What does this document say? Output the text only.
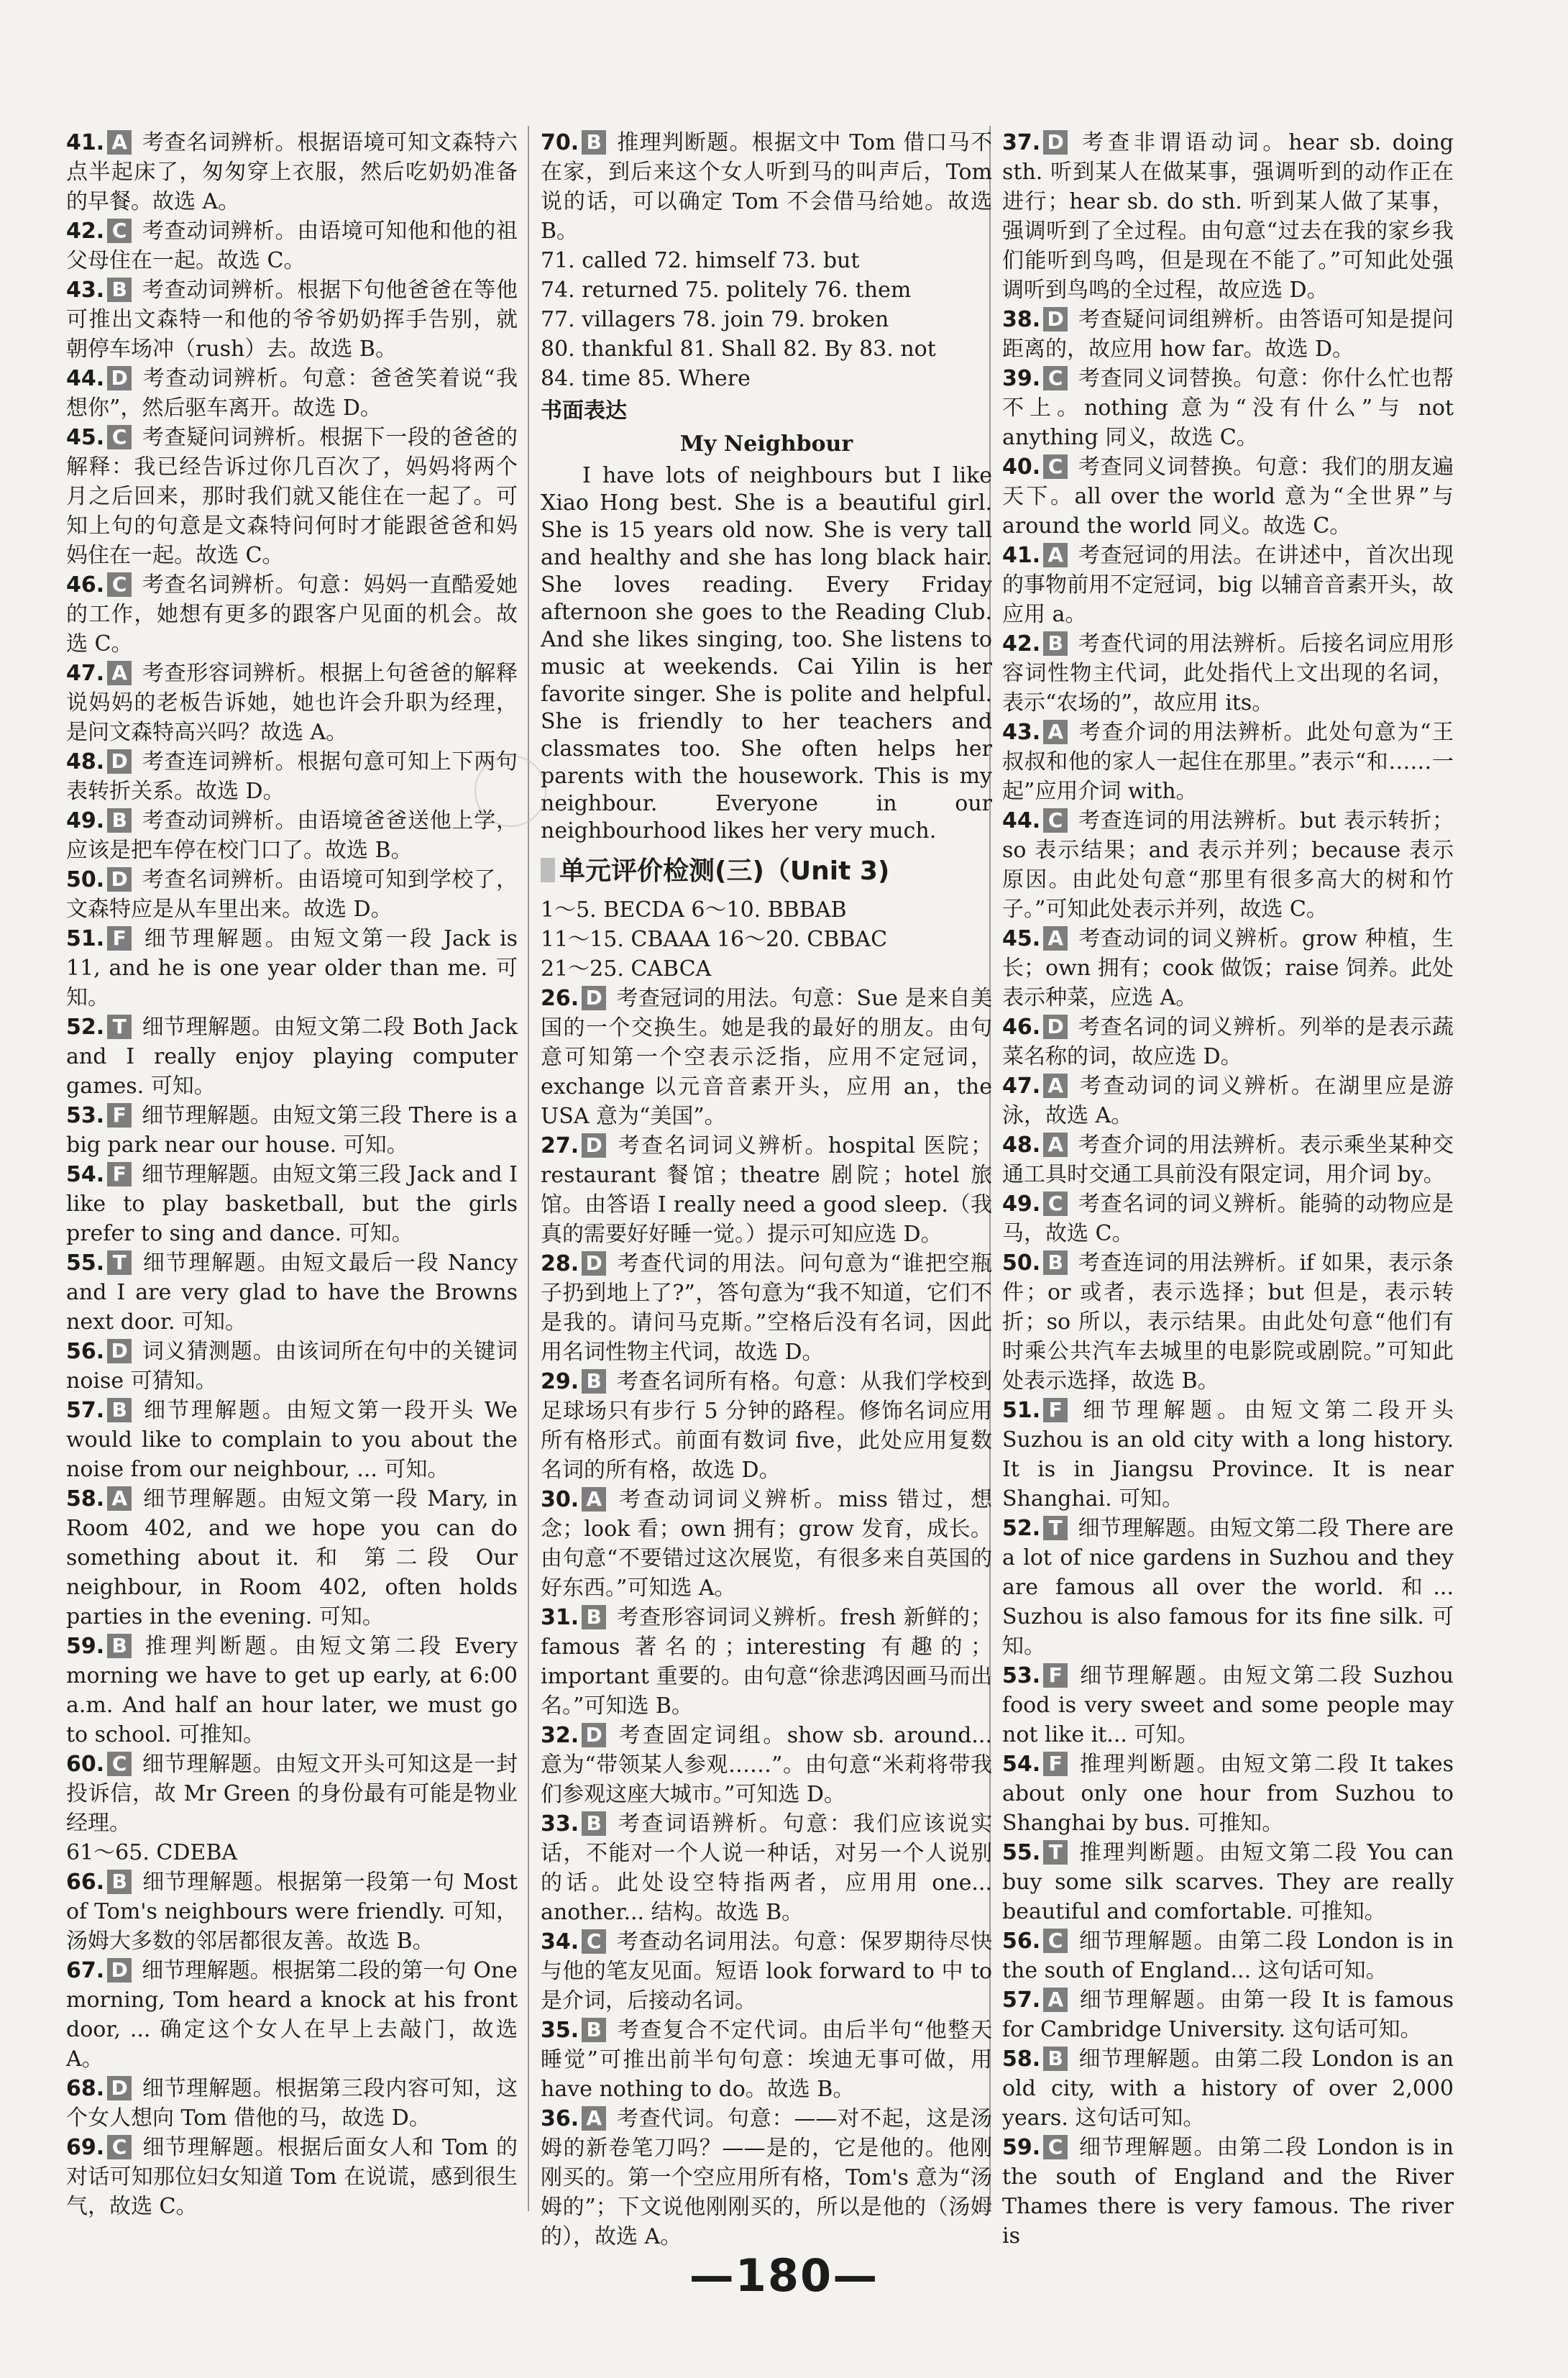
41. A 考查名词辨析。根据语境可知文森特六点半起床了，匆匆穿上衣服，然后吃奶奶准备的早餐。故选 A。

42. C 考查动词辨析。由语境可知他和他的祖父母住在一起。故选 C。

43. B 考查动词辨析。根据下句他爸爸在等他可推出文森特一和他的爷爷奶奶挥手告别，就朝停车场冲（rush）去。故选 B。

44. D 考查动词辨析。句意：爸爸笑着说“我想你”，然后驱车离开。故选 D。

45. C 考查疑问词辨析。根据下一段的爸爸的解释：我已经告诉过你几百次了，妈妈将两个月之后回来，那时我们就又能住在一起了。可知上句的句意是文森特问何时才能跟爸爸和妈妈住在一起。故选 C。

46. C 考查名词辨析。句意：妈妈一直酷爱她的工作，她想有更多的跟客户见面的机会。故选 C。

47. A 考查形容词辨析。根据上句爸爸的解释说妈妈的老板告诉她，她也许会升职为经理，是问文森特高兴吗？故选 A。

48. D 考查连词辨析。根据句意可知上下两句表转折关系。故选 D。

49. B 考查动词辨析。由语境爸爸送他上学，应该是把车停在校门口了。故选 B。

50. D 考查名词辨析。由语境可知到学校了，文森特应是从车里出来。故选 D。

51. F 细节理解题。由短文第一段 Jack is 11, and he is one year older than me. 可知。

52. T 细节理解题。由短文第二段 Both Jack and I really enjoy playing computer games. 可知。

53. F 细节理解题。由短文第三段 There is a big park near our house. 可知。

54. F 细节理解题。由短文第三段 Jack and I like to play basketball, but the girls prefer to sing and dance. 可知。

55. T 细节理解题。由短文最后一段 Nancy and I are very glad to have the Browns next door. 可知。

56. D 词义猜测题。由该词所在句中的关键词 noise 可猜知。

57. B 细节理解题。由短文第一段开头 We would like to complain to you about the noise from our neighbour, ... 可知。

58. A 细节理解题。由短文第一段 Mary, in Room 402, and we hope you can do something about it. 和 第二段 Our neighbour, in Room 402, often holds parties in the evening. 可知。

59. B 推理判断题。由短文第二段 Every morning we have to get up early, at 6:00 a.m. And half an hour later, we must go to school. 可推知。

60. C 细节理解题。由短文开头可知这是一封投诉信，故 Mr Green 的身份最有可能是物业经理。

61～65. CDEBA

66. B 细节理解题。根据第一段第一句 Most of Tom's neighbours were friendly. 可知，汤姆大多数的邻居都很友善。故选 B。

67. D 细节理解题。根据第二段的第一句 One morning, Tom heard a knock at his front door, ... 确定这个女人在早上去敲门，故选 A。

68. D 细节理解题。根据第三段内容可知，这个女人想向 Tom 借他的马，故选 D。

69. C 细节理解题。根据后面女人和 Tom 的对话可知那位妇女知道 Tom 在说谎，感到很生气，故选 C。

70. B 推理判断题。根据文中 Tom 借口马不在家，到后来这个女人听到马的叫声后，Tom 说的话，可以确定 Tom 不会借马给她。故选 B。

71. called 72. himself 73. but

74. returned 75. politely 76. them

77. villagers 78. join 79. broken

80. thankful 81. Shall 82. By 83. not

84. time 85. Where

书面表达
My Neighbour

I have lots of neighbours but I like Xiao Hong best. She is a beautiful girl. She is 15 years old now. She is very tall and healthy and she has long black hair. She loves reading. Every Friday afternoon she goes to the Reading Club. And she likes singing, too. She listens to music at weekends. Cai Yilin is her favorite singer. She is polite and helpful. She is friendly to her teachers and classmates too. She often helps her parents with the housework. This is my neighbour. Everyone in our neighbourhood likes her very much.

单元评价检测(三)（Unit 3)

1～5. BECDA 6～10. BBBAB

11～15. CBAAA 16～20. CBBAC

21～25. CABCA

26. D 考查冠词的用法。句意：Sue 是来自美国的一个交换生。她是我的最好的朋友。由句意可知第一个空表示泛指，应用不定冠词，exchange 以元音音素开头，应用 an，the USA 意为“美国”。

27. D 考查名词词义辨析。hospital 医院；restaurant 餐馆；theatre 剧院；hotel 旅馆。由答语 I really need a good sleep.（我真的需要好好睡一觉。）提示可知应选 D。

28. D 考查代词的用法。问句意为“谁把空瓶子扔到地上了?”，答句意为“我不知道，它们不是我的。请问马克斯。”空格后没有名词，因此用名词性物主代词，故选 D。

29. B 考查名词所有格。句意：从我们学校到足球场只有步行 5 分钟的路程。修饰名词应用所有格形式。前面有数词 five，此处应用复数名词的所有格，故选 D。

30. A 考查动词词义辨析。miss 错过，想念；look 看；own 拥有；grow 发育，成长。由句意“不要错过这次展览，有很多来自英国的好东西。”可知选 A。

31. B 考查形容词词义辨析。fresh 新鲜的；famous 著名的；interesting 有趣的；important 重要的。由句意“徐悲鸿因画马而出名。”可知选 B。

32. D 考查固定词组。show sb. around... 意为“带领某人参观……”。由句意“米莉将带我们参观这座大城市。”可知选 D。

33. B 考查词语辨析。句意：我们应该说实话，不能对一个人说一种话，对另一个人说别的话。此处设空特指两者，应用用 one... another... 结构。故选 B。

34. C 考查动名词用法。句意：保罗期待尽快与他的笔友见面。短语 look forward to 中 to 是介词，后接动名词。

35. B 考查复合不定代词。由后半句“他整天睡觉”可推出前半句句意：埃迪无事可做，用 have nothing to do。故选 B。

36. A 考查代词。句意：——对不起，这是汤姆的新卷笔刀吗？——是的，它是他的。他刚刚买的。第一个空应用所有格，Tom's 意为“汤姆的”；下文说他刚刚买的，所以是他的（汤姆的），故选 A。

37. D 考查非谓语动词。hear sb. doing sth. 听到某人在做某事，强调听到的动作正在进行；hear sb. do sth. 听到某人做了某事，强调听到了全过程。由句意“过去在我的家乡我们能听到鸟鸣，但是现在不能了。”可知此处强调听到鸟鸣的全过程，故应选 D。

38. D 考查疑问词组辨析。由答语可知是提问距离的，故应用 how far。故选 D。

39. C 考查同义词替换。句意：你什么忙也帮不上。nothing 意为“没有什么”与 not anything 同义，故选 C。

40. C 考查同义词替换。句意：我们的朋友遍天下。all over the world 意为“全世界”与 around the world 同义。故选 C。

41. A 考查冠词的用法。在讲述中，首次出现的事物前用不定冠词，big 以辅音音素开头，故应用 a。

42. B 考查代词的用法辨析。后接名词应用形容词性物主代词，此处指代上文出现的名词，表示“农场的”，故应用 its。

43. A 考查介词的用法辨析。此处句意为“王叔叔和他的家人一起住在那里。”表示“和……一起”应用介词 with。

44. C 考查连词的用法辨析。but 表示转折；so 表示结果；and 表示并列；because 表示原因。由此处句意“那里有很多高大的树和竹子。”可知此处表示并列，故选 C。

45. A 考查动词的词义辨析。grow 种植，生长；own 拥有；cook 做饭；raise 饲养。此处表示种菜，应选 A。

46. D 考查名词的词义辨析。列举的是表示蔬菜名称的词，故应选 D。

47. A 考查动词的词义辨析。在湖里应是游泳，故选 A。

48. A 考查介词的用法辨析。表示乘坐某种交通工具时交通工具前没有限定词，用介词 by。

49. C 考查名词的词义辨析。能骑的动物应是马，故选 C。

50. B 考查连词的用法辨析。if 如果，表示条件；or 或者，表示选择；but 但是，表示转折；so 所以，表示结果。由此处句意“他们有时乘公共汽车去城里的电影院或剧院。”可知此处表示选择，故选 B。

51. F 细节理解题。由短文第二段开头 Suzhou is an old city with a long history. It is in Jiangsu Province. It is near Shanghai. 可知。

52. T 细节理解题。由短文第二段 There are a lot of nice gardens in Suzhou and they are famous all over the world. 和... Suzhou is also famous for its fine silk. 可知。

53. F 细节理解题。由短文第二段 Suzhou food is very sweet and some people may not like it... 可知。

54. F 推理判断题。由短文第二段 It takes about only one hour from Suzhou to Shanghai by bus. 可推知。

55. T 推理判断题。由短文第二段 You can buy some silk scarves. They are really beautiful and comfortable. 可推知。

56. C 细节理解题。由第二段 London is in the south of England... 这句话可知。

57. A 细节理解题。由第一段 It is famous for Cambridge University. 这句话可知。

58. B 细节理解题。由第二段 London is an old city, with a history of over 2,000 years. 这句话可知。

59. C 细节理解题。由第二段 London is in the south of England and the River Thames there is very famous. The river is

—180—
